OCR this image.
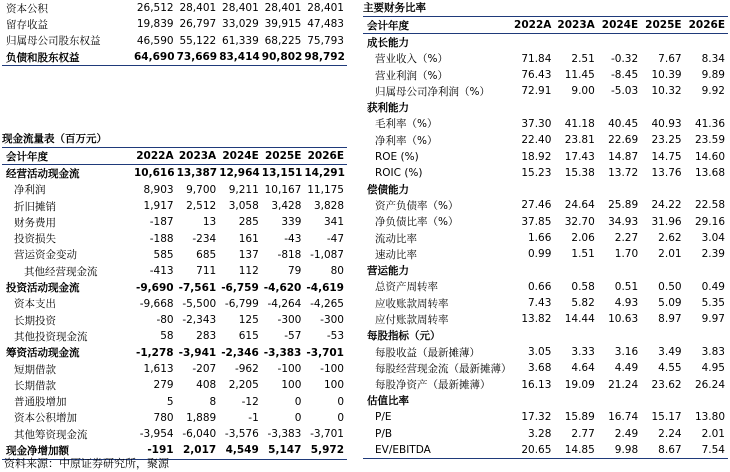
资本公积	26,512	28,401	28,401	28,401	28,401
留存收益	19,839	26,797	33,029	39,915	47,483
归属母公司股东权益	46,590	55,122	61,339	68,225	75,793
负债和股东权益	64,690	73,669	83,414	90,802	98,792
现金流量表（百万元）
会计年度	2022A	2023A	2024E	2025E	2026E
经营活动现金流	10,616	13,387	12,964	13,151	14,291
净利润	8,903	9,700	9,211	10,167	11,175
折旧摊销	1,917	2,512	3,058	3,428	3,828
财务费用	-187	13	285	339	341
投资损失	-188	-234	161	-43	-47
营运资金变动	585	685	137	-818	-1,087
其他经营现金流	-413	711	112	79	80
投资活动现金流	-9,690	-7,561	-6,759	-4,620	-4,619
资本支出	-9,668	-5,500	-6,799	-4,264	-4,265
长期投资	-80	-2,343	125	-300	-300
其他投资现金流	58	283	615	-57	-53
筹资活动现金流	-1,278	-3,941	-2,346	-3,383	-3,701
短期借款	1,613	-207	-962	-100	-100
长期借款	279	408	2,205	100	100
普通股增加	5	8	-12	0	0
资本公积增加	780	1,889	-1	0	0
其他筹资现金流	-3,954	-6,040	-3,576	-3,383	-3,701
现金净增加额	-191	2,017	4,549	5,147	5,972
主要财务比率
会计年度	2022A	2023A	2024E	2025E	2026E
成长能力					
营业收入（%）	71.84	2.51	-0.32	7.67	8.34
营业利润（%）	76.43	11.45	-8.45	10.39	9.89
归属母公司净利润（%）	72.91	9.00	-5.03	10.32	9.92
获利能力					
毛利率（%）	37.30	41.18	40.45	40.93	41.36
净利率（%）	22.40	23.81	22.69	23.25	23.59
ROE (%)	18.92	17.43	14.87	14.75	14.60
ROIC (%)	15.23	15.38	13.72	13.76	13.68
偿债能力					
资产负债率（%）	27.46	24.64	25.89	24.22	22.58
净负债比率（%）	37.85	32.70	34.93	31.96	29.16
流动比率	1.66	2.06	2.27	2.62	3.04
速动比率	0.99	1.51	1.70	2.01	2.39
营运能力					
总资产周转率	0.66	0.58	0.51	0.50	0.49
应收账款周转率	7.43	5.82	4.93	5.09	5.35
应付账款周转率	13.82	14.44	10.63	8.97	9.97
每股指标（元）					
每股收益（最新摊薄）	3.05	3.33	3.16	3.49	3.83
每股经营现金流（最新摊薄）	3.68	4.64	4.49	4.55	4.95
每股净资产（最新摊薄）	16.13	19.09	21.24	23.62	26.24
估值比率					
P/E	17.32	15.89	16.74	15.17	13.80
P/B	3.28	2.77	2.49	2.24	2.01
EV/EBITDA	20.65	14.85	9.98	8.67	7.54
资料来源：中原证券研究所，聚源
